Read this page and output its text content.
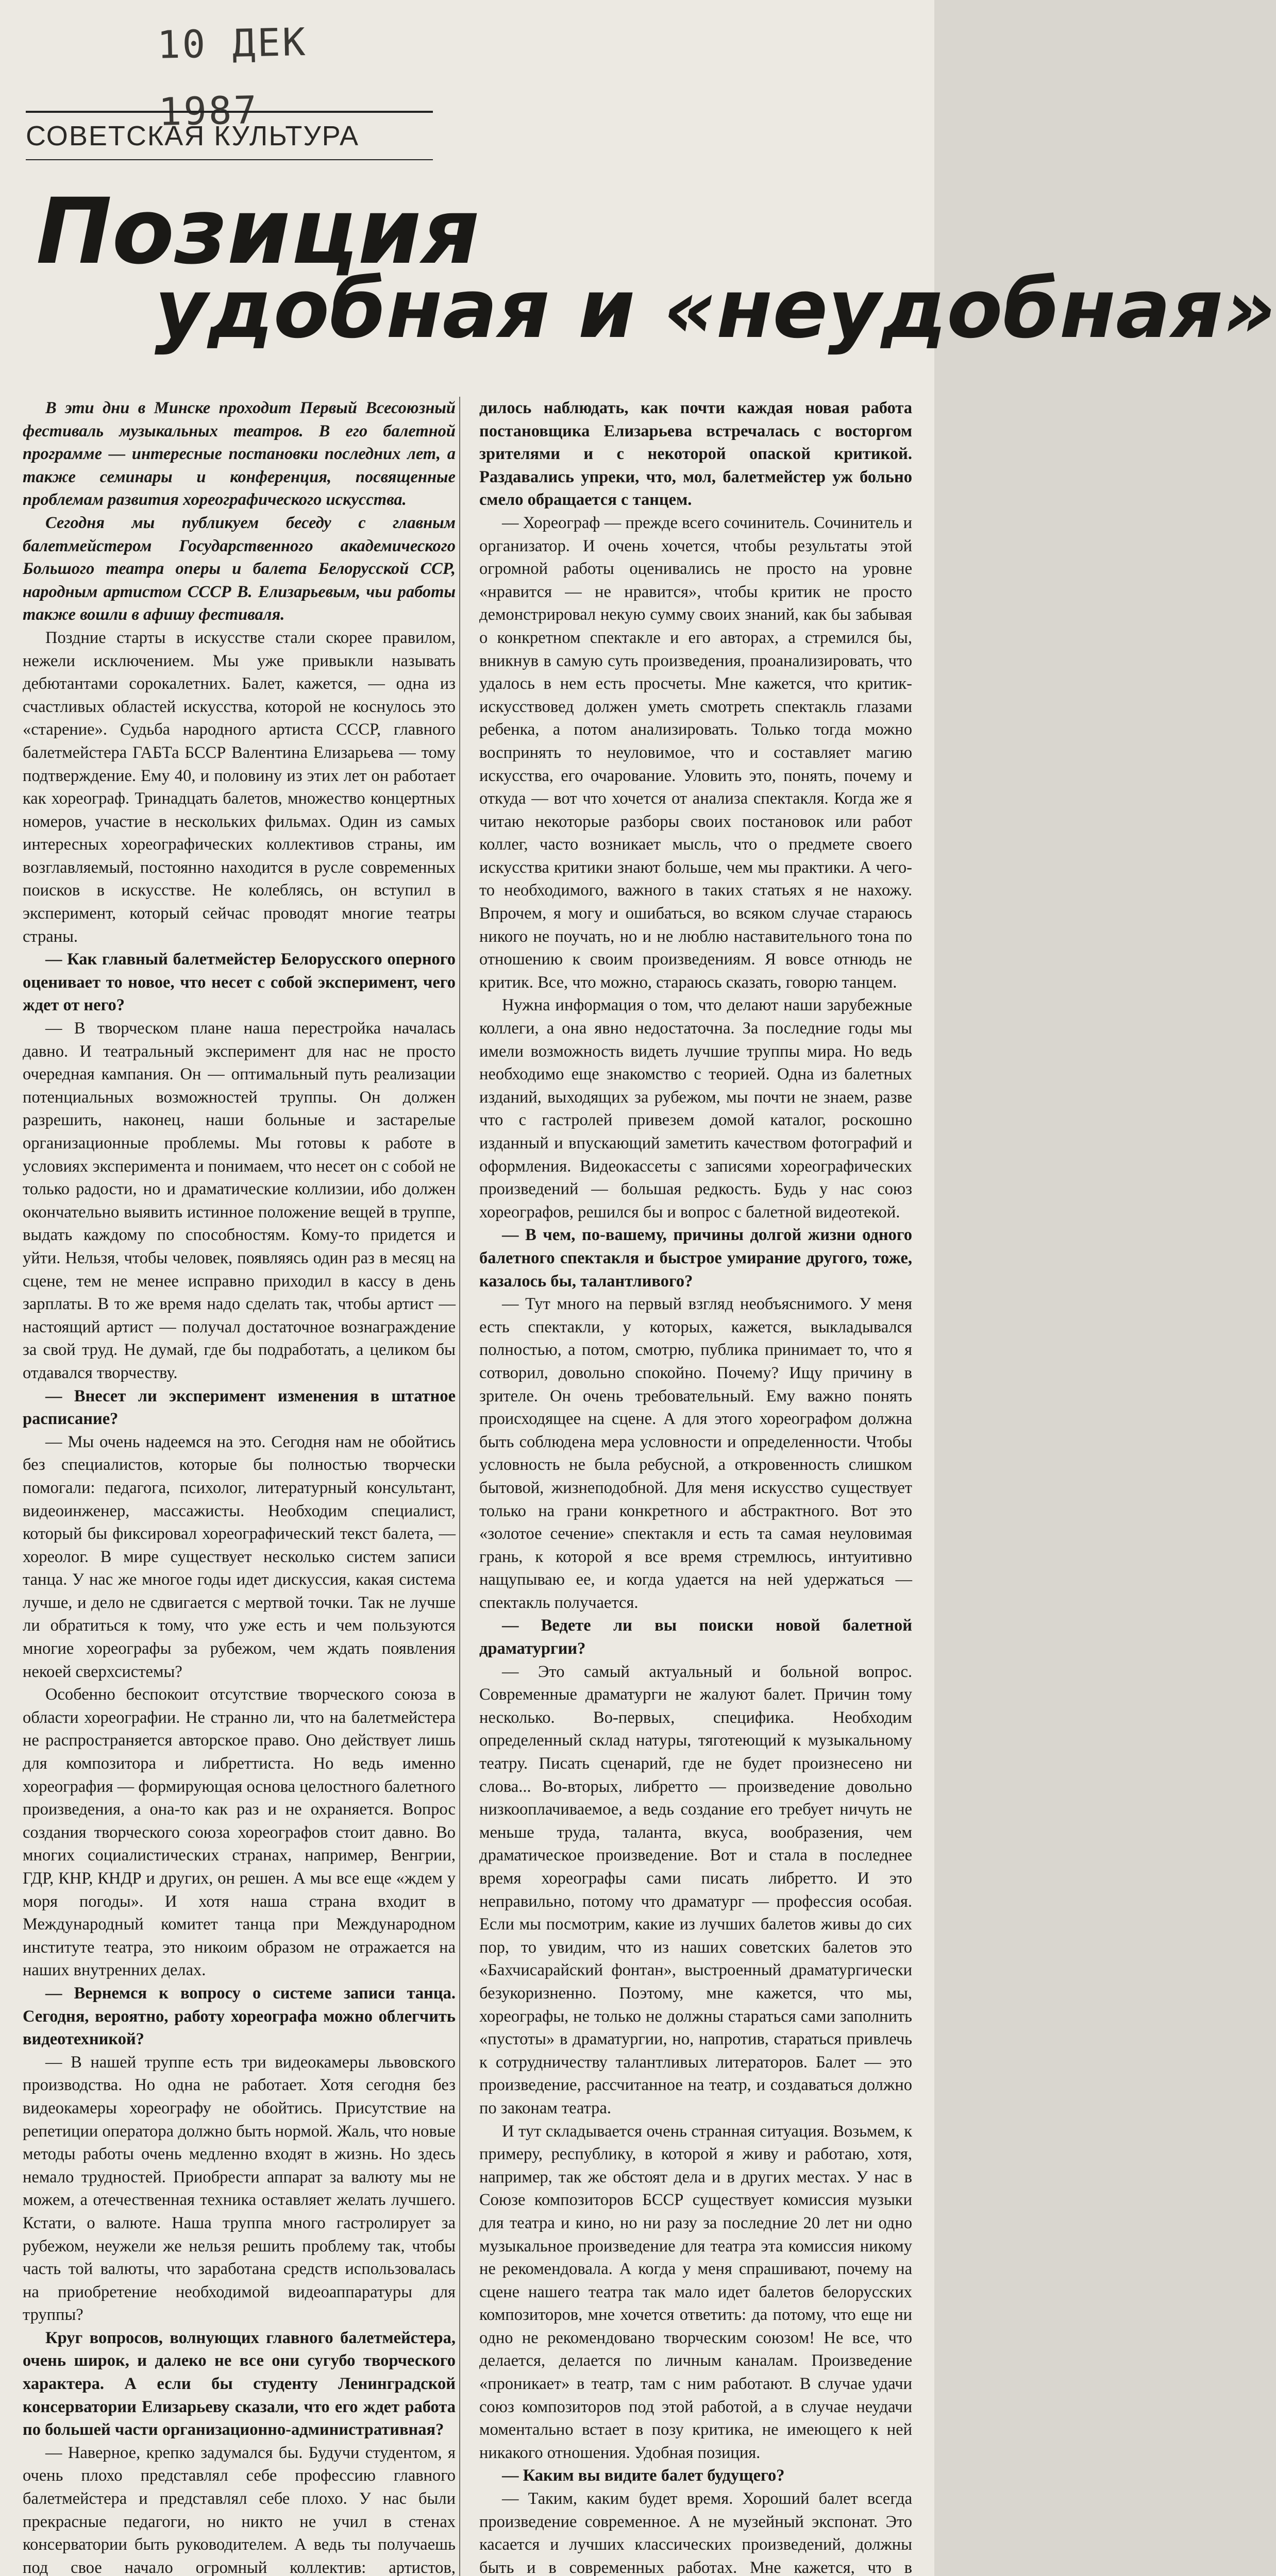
10 ДЕК 1987
СОВЕТСКАЯ КУЛЬТУРА
Позиция
удобная и «неудобная»

В эти дни в Минске проходит Первый Всесоюзный фестиваль музыкальных театров. В его балетной программе — интересные постановки последних лет, а также семинары и конференция, посвященные проблемам развития хореографического искусства.

Сегодня мы публикуем беседу с главным балетмейстером Государственного академического Большого театра оперы и балета Белорусской ССР, народным артистом СССР В. Елизарьевым, чьи работы также вошли в афишу фестиваля.

Поздние старты в искусстве стали скорее правилом, нежели исключением. Мы уже привыкли называть дебютантами сорокалетних. Балет, кажется, — одна из счастливых областей искусства, которой не коснулось это «старение». Судьба народного артиста СССР, главного балетмейстера ГАБТа БССР Валентина Елизарьева — тому подтверждение. Ему 40, и половину из этих лет он работает как хореограф. Тринадцать балетов, множество концертных номеров, участие в нескольких фильмах. Один из самых интересных хореографических коллективов страны, им возглавляемый, постоянно находится в русле современных поисков в искусстве. Не колеблясь, он вступил в эксперимент, который сейчас проводят многие театры страны.

— Как главный балетмейстер Белорусского оперного оценивает то новое, что несет с собой эксперимент, чего ждет от него?

— В творческом плане наша перестройка началась давно. И театральный эксперимент для нас не просто очередная кампания. Он — оптимальный путь реализации потенциальных возможностей труппы. Он должен разрешить, наконец, наши больные и застарелые организационные проблемы. Мы готовы к работе в условиях эксперимента и понимаем, что несет он с собой не только радости, но и драматические коллизии, ибо должен окончательно выявить истинное положение вещей в труппе, выдать каждому по способностям. Кому-то придется и уйти. Нельзя, чтобы человек, появляясь один раз в месяц на сцене, тем не менее исправно приходил в кассу в день зарплаты. В то же время надо сделать так, чтобы артист — настоящий артист — получал достаточное вознаграждение за свой труд. Не думай, где бы подработать, а целиком бы отдавался творчеству.

— Внесет ли эксперимент изменения в штатное расписание?

— Мы очень надеемся на это. Сегодня нам не обойтись без специалистов, которые бы полностью творчески помогали: педагога, психолог, литературный консультант, видеоинженер, массажисты. Необходим специалист, который бы фиксировал хореографический текст балета, — хореолог. В мире существует несколько систем записи танца. У нас же многое годы идет дискуссия, какая система лучше, и дело не сдвигается с мертвой точки. Так не лучше ли обратиться к тому, что уже есть и чем пользуются многие хореографы за рубежом, чем ждать появления некоей сверхсистемы?

Особенно беспокоит отсутствие творческого союза в области хореографии. Не странно ли, что на балетмейстера не распространяется авторское право. Оно действует лишь для композитора и либреттиста. Но ведь именно хореография — формирующая основа целостного балетного произведения, а она-то как раз и не охраняется. Вопрос создания творческого союза хореографов стоит давно. Во многих социалистических странах, например, Венгрии, ГДР, КНР, КНДР и других, он решен. А мы все еще «ждем у моря погоды». И хотя наша страна входит в Международный комитет танца при Международном институте театра, это никоим образом не отражается на наших внутренних делах.

— Вернемся к вопросу о системе записи танца. Сегодня, вероятно, работу хореографа можно облегчить видеотехникой?

— В нашей труппе есть три видеокамеры львовского производства. Но одна не работает. Хотя сегодня без видеокамеры хореографу не обойтись. Присутствие на репетиции оператора должно быть нормой. Жаль, что новые методы работы очень медленно входят в жизнь. Но здесь немало трудностей. Приобрести аппарат за валюту мы не можем, а отечественная техника оставляет желать лучшего. Кстати, о валюте. Наша труппа много гастролирует за рубежом, неужели же нельзя решить проблему так, чтобы часть той валюты, что заработана средств использовалась на приобретение необходимой видеоаппаратуры для труппы?

Круг вопросов, волнующих главного балетмейстера, очень широк, и далеко не все они сугубо творческого характера. А если бы студенту Ленинградской консерватории Елизарьеву сказали, что его ждет работа по большей части организационно-административная?

— Наверное, крепко задумался бы. Будучи студентом, я очень плохо представлял себе профессию главного балетмейстера и представлял себе плохо. У нас были прекрасные педагоги, но никто не учил в стенах консерватории быть руководителем. А ведь ты получаешь под свое начало огромный коллектив: артистов,

дилось наблюдать, как почти каждая новая работа постановщика Елизарьева встречалась с восторгом зрителями и с некоторой опаской критикой. Раздавались упреки, что, мол, балетмейстер уж больно смело обращается с танцем.

— Хореограф — прежде всего сочинитель. Сочинитель и организатор. И очень хочется, чтобы результаты этой огромной работы оценивались не просто на уровне «нравится — не нравится», чтобы критик не просто демонстрировал некую сумму своих знаний, как бы забывая о конкретном спектакле и его авторах, а стремился бы, вникнув в самую суть произведения, проанализировать, что удалось в нем есть просчеты. Мне кажется, что критик-искусствовед должен уметь смотреть спектакль глазами ребенка, а потом анализировать. Только тогда можно воспринять то неуловимое, что и составляет магию искусства, его очарование. Уловить это, понять, почему и откуда — вот что хочется от анализа спектакля. Когда же я читаю некоторые разборы своих постановок или работ коллег, часто возникает мысль, что о предмете своего искусства критики знают больше, чем мы практики. А чего-то необходимого, важного в таких статьях я не нахожу. Впрочем, я могу и ошибаться, во всяком случае стараюсь никого не поучать, но и не люблю наставительного тона по отношению к своим произведениям. Я вовсе отнюдь не критик. Все, что можно, стараюсь сказать, говорю танцем.

Нужна информация о том, что делают наши зарубежные коллеги, а она явно недостаточна. За последние годы мы имели возможность видеть лучшие труппы мира. Но ведь необходимо еще знакомство с теорией. Одна из балетных изданий, выходящих за рубежом, мы почти не знаем, разве что с гастролей привезем домой каталог, роскошно изданный и впускающий заметить качеством фотографий и оформления. Видеокассеты с записями хореографических произведений — большая редкость. Будь у нас союз хореографов, решился бы и вопрос с балетной видеотекой.

— В чем, по-вашему, причины долгой жизни одного балетного спектакля и быстрое умирание другого, тоже, казалось бы, талантливого?

— Тут много на первый взгляд необъяснимого. У меня есть спектакли, у которых, кажется, выкладывался полностью, а потом, смотрю, публика принимает то, что я сотворил, довольно спокойно. Почему? Ищу причину в зрителе. Он очень требовательный. Ему важно понять происходящее на сцене. А для этого хореографом должна быть соблюдена мера условности и определенности. Чтобы условность не была ребусной, а откровенность слишком бытовой, жизнеподобной. Для меня искусство существует только на грани конкретного и абстрактного. Вот это «золотое сечение» спектакля и есть та самая неуловимая грань, к которой я все время стремлюсь, интуитивно нащупываю ее, и когда удается на ней удержаться — спектакль получается.

— Ведете ли вы поиски новой балетной драматургии?

— Это самый актуальный и больной вопрос. Современные драматурги не жалуют балет. Причин тому несколько. Во-первых, специфика. Необходим определенный склад натуры, тяготеющий к музыкальному театру. Писать сценарий, где не будет произнесено ни слова... Во-вторых, либретто — произведение довольно низкооплачиваемое, а ведь создание его требует ничуть не меньше труда, таланта, вкуса, вообразения, чем драматическое произведение. Вот и стала в последнее время хореографы сами писать либретто. И это неправильно, потому что драматург — профессия особая. Если мы посмотрим, какие из лучших балетов живы до сих пор, то увидим, что из наших советских балетов это «Бахчисарайский фонтан», выстроенный драматургически безукоризненно. Поэтому, мне кажется, что мы, хореографы, не только не должны стараться сами заполнить «пустоты» в драматургии, но, напротив, стараться привлечь к сотрудничеству талантливых литераторов. Балет — это произведение, рассчитанное на театр, и создаваться должно по законам театра.

И тут складывается очень странная ситуация. Возьмем, к примеру, республику, в которой я живу и работаю, хотя, например, так же обстоят дела и в других местах. У нас в Союзе композиторов БССР существует комиссия музыки для театра и кино, но ни разу за последние 20 лет ни одно музыкальное произведение для театра эта комиссия никому не рекомендовала. А когда у меня спрашивают, почему на сцене нашего театра так мало идет балетов белорусских композиторов, мне хочется ответить: да потому, что еще ни одно не рекомендовано творческим союзом! Не все, что делается, делается по личным каналам. Произведение «проникает» в театр, там с ним работают. В случае удачи союз композиторов под этой работой, а в случае неудачи моментально встает в позу критика, не имеющего к ней никакого отношения. Удобная позиция.

— Каким вы видите балет будущего?

— Таким, каким будет время. Хороший балет всегда произведение современное. А не музейный экспонат. Это касается и лучших классических произведений, должны быть и в современных работах. Мне кажется, что в
